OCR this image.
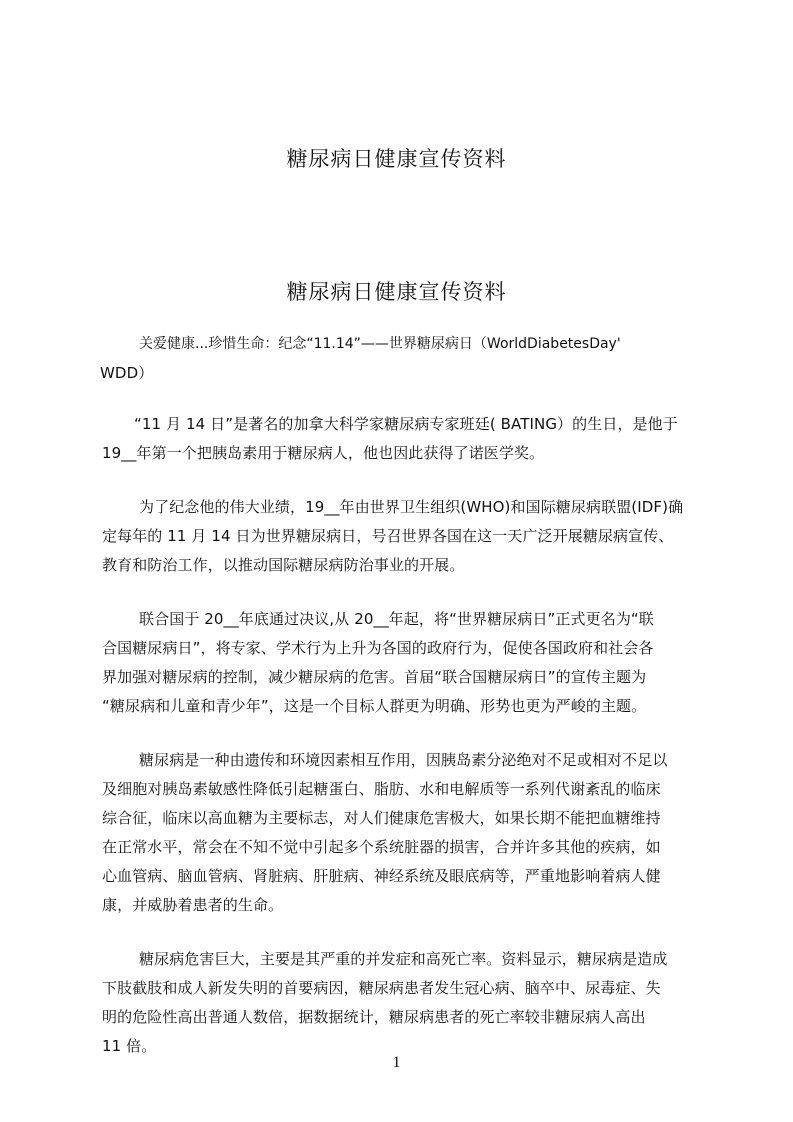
糖尿病日健康宣传资料
糖尿病日健康宣传资料
关爱健康...珍惜生命：纪念“11.14”——世界糖尿病日（WorldDiabetesDay'
WDD）
“11 月 14 日”是著名的加拿大科学家糖尿病专家班廷( BATING）的生日，是他于
19__年第一个把胰岛素用于糖尿病人，他也因此获得了诺医学奖。
为了纪念他的伟大业绩，19__年由世界卫生组织(WHO)和国际糖尿病联盟(IDF)确
定每年的 11 月 14 日为世界糖尿病日，号召世界各国在这一天广泛开展糖尿病宣传、
教育和防治工作，以推动国际糖尿病防治事业的开展。
联合国于 20__年底通过决议,从 20__年起，将“世界糖尿病日”正式更名为“联
合国糖尿病日”，将专家、学术行为上升为各国的政府行为，促使各国政府和社会各
界加强对糖尿病的控制，减少糖尿病的危害。首届“联合国糖尿病日”的宣传主题为
“糖尿病和儿童和青少年”，这是一个目标人群更为明确、形势也更为严峻的主题。
糖尿病是一种由遗传和环境因素相互作用，因胰岛素分泌绝对不足或相对不足以
及细胞对胰岛素敏感性降低引起糖蛋白、脂肪、水和电解质等一系列代谢紊乱的临床
综合征，临床以高血糖为主要标志，对人们健康危害极大，如果长期不能把血糖维持
在正常水平，常会在不知不觉中引起多个系统脏器的损害，合并许多其他的疾病，如
心血管病、脑血管病、肾脏病、肝脏病、神经系统及眼底病等，严重地影响着病人健
康，并威胁着患者的生命。
糖尿病危害巨大，主要是其严重的并发症和高死亡率。资料显示，糖尿病是造成
下肢截肢和成人新发失明的首要病因，糖尿病患者发生冠心病、脑卒中、尿毒症、失
明的危险性高出普通人数倍，据数据统计，糖尿病患者的死亡率较非糖尿病人高出
11 倍。
1
